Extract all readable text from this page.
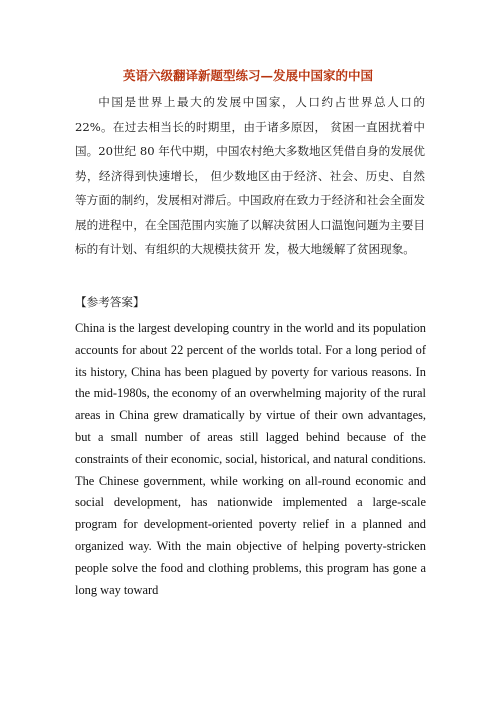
英语六级翻译新题型练习—发展中国家的中国
中国是世界上最大的发展中国家，人口约占世界总人口的22%。在过去相当长的时期里，由于诸多原因， 贫困一直困扰着中国。20世纪 80 年代中期，中国农村绝大多数地区凭借自身的发展优势，经济得到快速增长， 但少数地区由于经济、社会、历史、自然等方面的制约，发展相对滞后。中国政府在致力于经济和社会全面发 展的进程中，在全国范围内实施了以解决贫困人口温饱问题为主要目标的有计划、有组织的大规模扶贫开 发，极大地缓解了贫困现象。
【参考答案】
China is the largest developing country in the world and its population accounts for about 22 percent of the worlds total. For a long period of its history, China has been plagued by poverty for various reasons. In the mid-1980s, the economy of an overwhelming majority of the rural areas in China grew dramatically by virtue of their own advantages, but a small number of areas still lagged behind because of the constraints of their economic, social, historical, and natural conditions. The Chinese government, while working on all-round economic and social development, has nationwide implemented a large-scale program for development-oriented poverty relief in a planned and organized way. With the main objective of helping poverty-stricken people solve the food and clothing problems, this program has gone a long way toward
